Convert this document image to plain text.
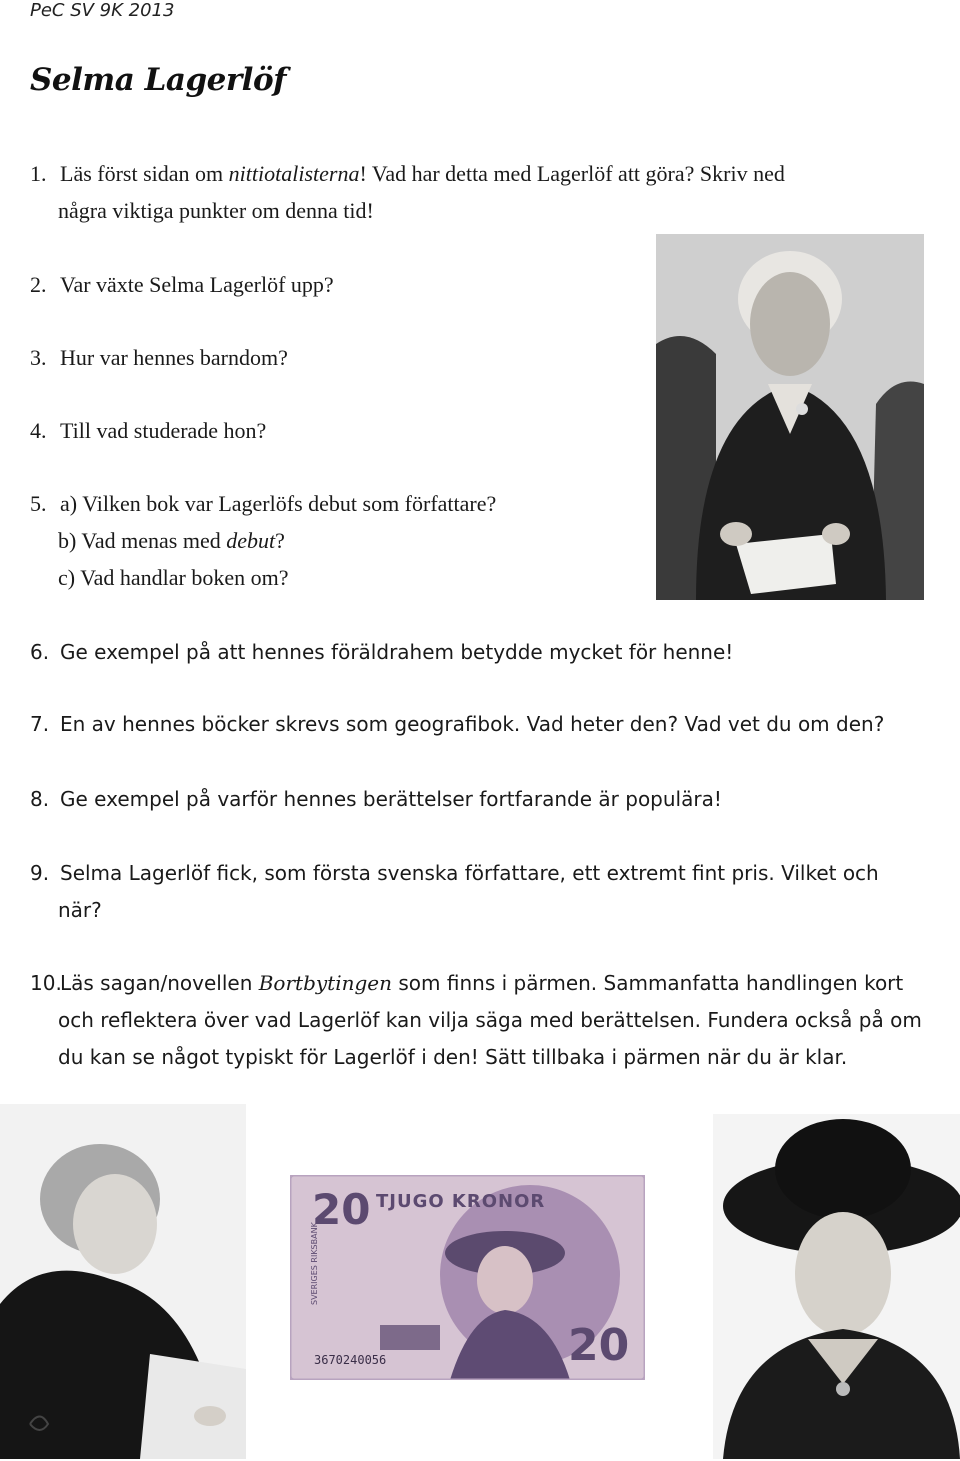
PeC SV 9K 2013
Selma Lagerlöf
1. Läs först sidan om nittiotalisterna! Vad har detta med Lagerlöf att göra? Skriv ned
några viktiga punkter om denna tid!
2. Var växte Selma Lagerlöf upp?
3. Hur var hennes barndom?
4. Till vad studerade hon?
5. a) Vilken bok var Lagerlöfs debut som författare?
b) Vad menas med debut?
c) Vad handlar boken om?
6. Ge exempel på att hennes föräldrahem betydde mycket för henne!
7. En av hennes böcker skrevs som geografibok. Vad heter den? Vad vet du om den?
8. Ge exempel på varför hennes berättelser fortfarande är populära!
9. Selma Lagerlöf fick, som första svenska författare, ett extremt fint pris. Vilket och
när?
10.Läs sagan/novellen Bortbytingen som finns i pärmen. Sammanfatta handlingen kort
och reflektera över vad Lagerlöf kan vilja säga med berättelsen. Fundera också på om
du kan se något typiskt för Lagerlöf i den! Sätt tillbaka i pärmen när du är klar.
20 TJUGO KRONOR
20
3670240056
